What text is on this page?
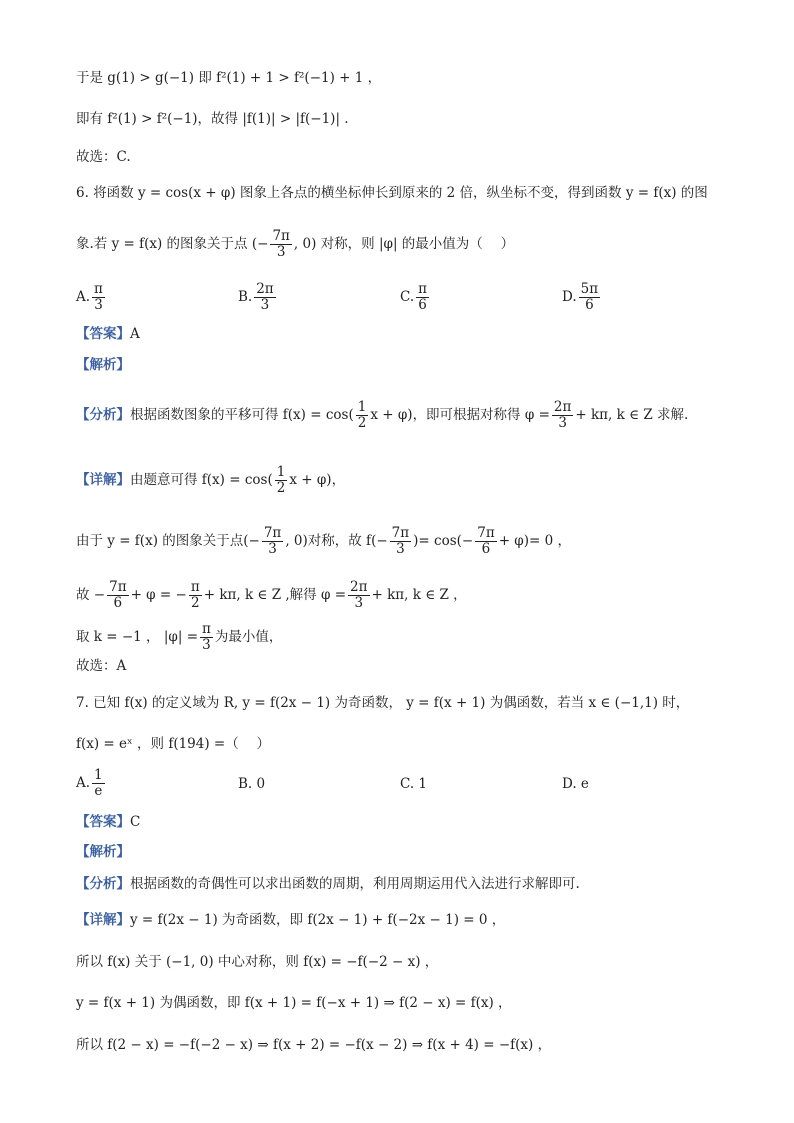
于是 g(1) > g(−1) 即 f²(1) + 1 > f²(−1) + 1 ，
即有 f²(1) > f²(−1)，故得 |f(1)| > |f(−1)| .
故选：C.
6. 将函数 y = cos(x + φ) 图象上各点的横坐标伸长到原来的 2 倍，纵坐标不变，得到函数 y = f(x) 的图
象.若 y = f(x) 的图象关于点 (− $\frac{7\pi}{3}$ , 0) 对称，则 |φ| 的最小值为（　 ）
A. $\frac{\pi}{3}$	B. $\frac{2\pi}{3}$	C. $\frac{\pi}{6}$	D. $\frac{5\pi}{6}$
【答案】A
【解析】
【分析】根据函数图象的平移可得 $f(x) = \cos( \frac{1}{2}$ x + φ)，即可根据对称得 $\varphi = \frac{2\pi}{3} + k\pi$, k ∈ Z 求解.
【详解】由题意可得 $f(x) = \cos( \frac{1}{2}$ x + φ)，
由于 y = f(x) 的图象关于点(− $\frac{7\pi}{3}$ , 0)对称，故 $f(- \frac{7\pi}{3}$ )= $\cos(- \frac{7\pi}{6} + \varphi)= 0$ ，
故 − $\frac{7\pi}{6} + \varphi$ = − $\frac{\pi}{2} + k\pi$, k ∈ Z ,解得 $\varphi = \frac{2\pi}{3} + k\pi$, k ∈ Z ，
取 k = −1 ， $|\varphi| = \frac{\pi}{3}$ 为最小值，
故选：A
7. 已知 f(x) 的定义域为 R, y = f(2x − 1) 为奇函数， y = f(x + 1) 为偶函数，若当 x ∈ (−1,1) 时，
f(x) = eˣ ，则 f(194) =（　 ）
A. $\frac{1}{e}$	B. 0	C. 1	D. e
【答案】C
【解析】
【分析】根据函数的奇偶性可以求出函数的周期，利用周期运用代入法进行求解即可.
【详解】y = f(2x − 1) 为奇函数，即 f(2x − 1) + f(−2x − 1) = 0 ，
所以 f(x) 关于 (−1, 0) 中心对称，则 f(x) = −f(−2 − x) ，
y = f(x + 1) 为偶函数，即 f(x + 1) = f(−x + 1) ⇒ f(2 − x) = f(x) ，
所以 f(2 − x) = −f(−2 − x) ⇒ f(x + 2) = −f(x − 2) ⇒ f(x + 4) = −f(x) ，
